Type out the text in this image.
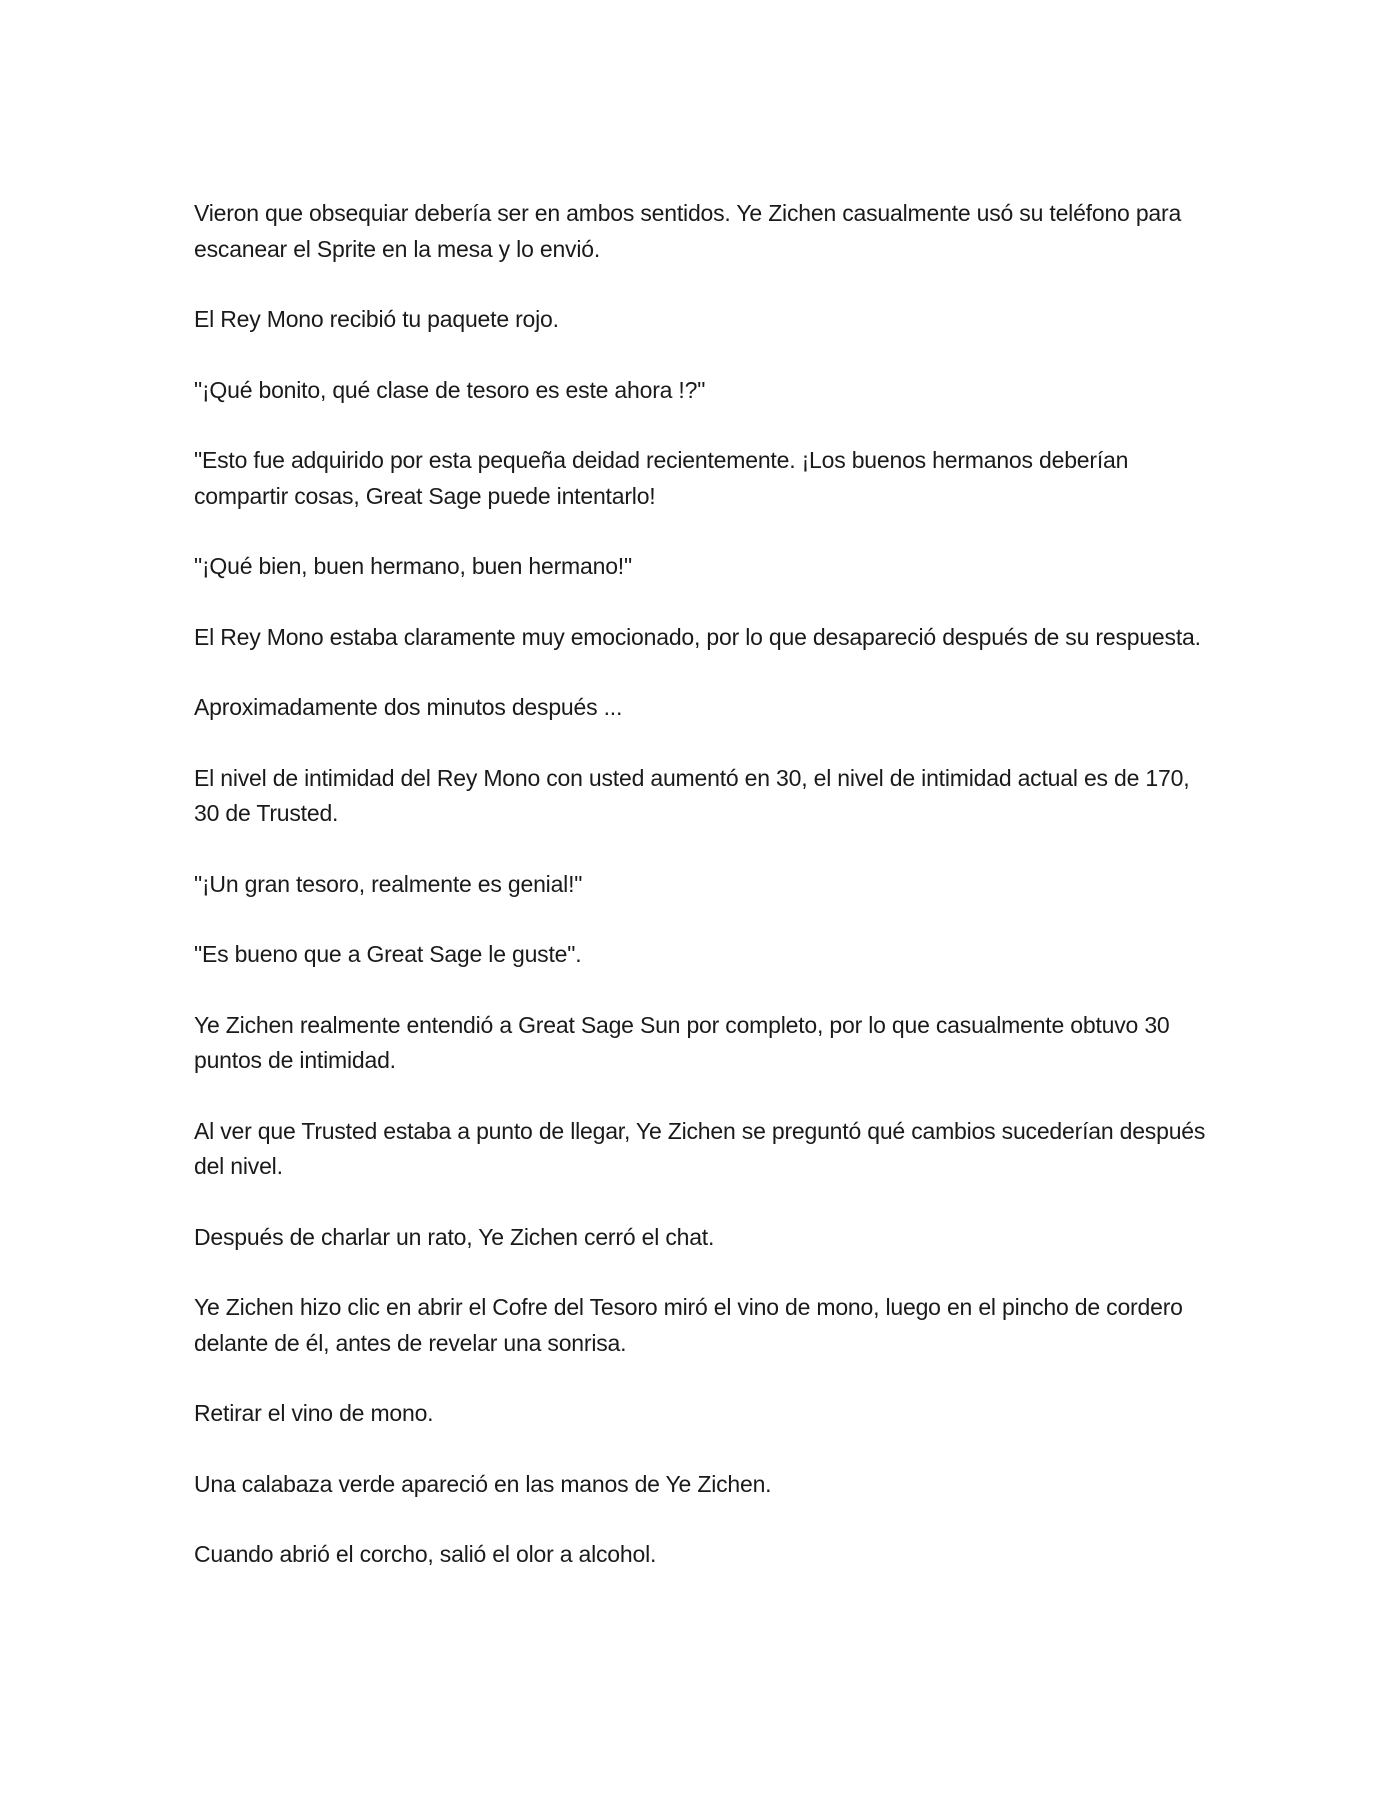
Vieron que obsequiar debería ser en ambos sentidos. Ye Zichen casualmente usó su teléfono para escanear el Sprite en la mesa y lo envió.

El Rey Mono recibió tu paquete rojo.

"¡Qué bonito, qué clase de tesoro es este ahora !?"

"Esto fue adquirido por esta pequeña deidad recientemente. ¡Los buenos hermanos deberían compartir cosas, Great Sage puede intentarlo!

"¡Qué bien, buen hermano, buen hermano!"

El Rey Mono estaba claramente muy emocionado, por lo que desapareció después de su respuesta.

Aproximadamente dos minutos después ...

El nivel de intimidad del Rey Mono con usted aumentó en 30, el nivel de intimidad actual es de 170, 30 de Trusted.

"¡Un gran tesoro, realmente es genial!"

"Es bueno que a Great Sage le guste".

Ye Zichen realmente entendió a Great Sage Sun por completo, por lo que casualmente obtuvo 30 puntos de intimidad.

Al ver que Trusted estaba a punto de llegar, Ye Zichen se preguntó qué cambios sucederían después del nivel.

Después de charlar un rato, Ye Zichen cerró el chat.

Ye Zichen hizo clic en abrir el Cofre del Tesoro miró el vino de mono, luego en el pincho de cordero delante de él, antes de revelar una sonrisa.

Retirar el vino de mono.

Una calabaza verde apareció en las manos de Ye Zichen.

Cuando abrió el corcho, salió el olor a alcohol.
